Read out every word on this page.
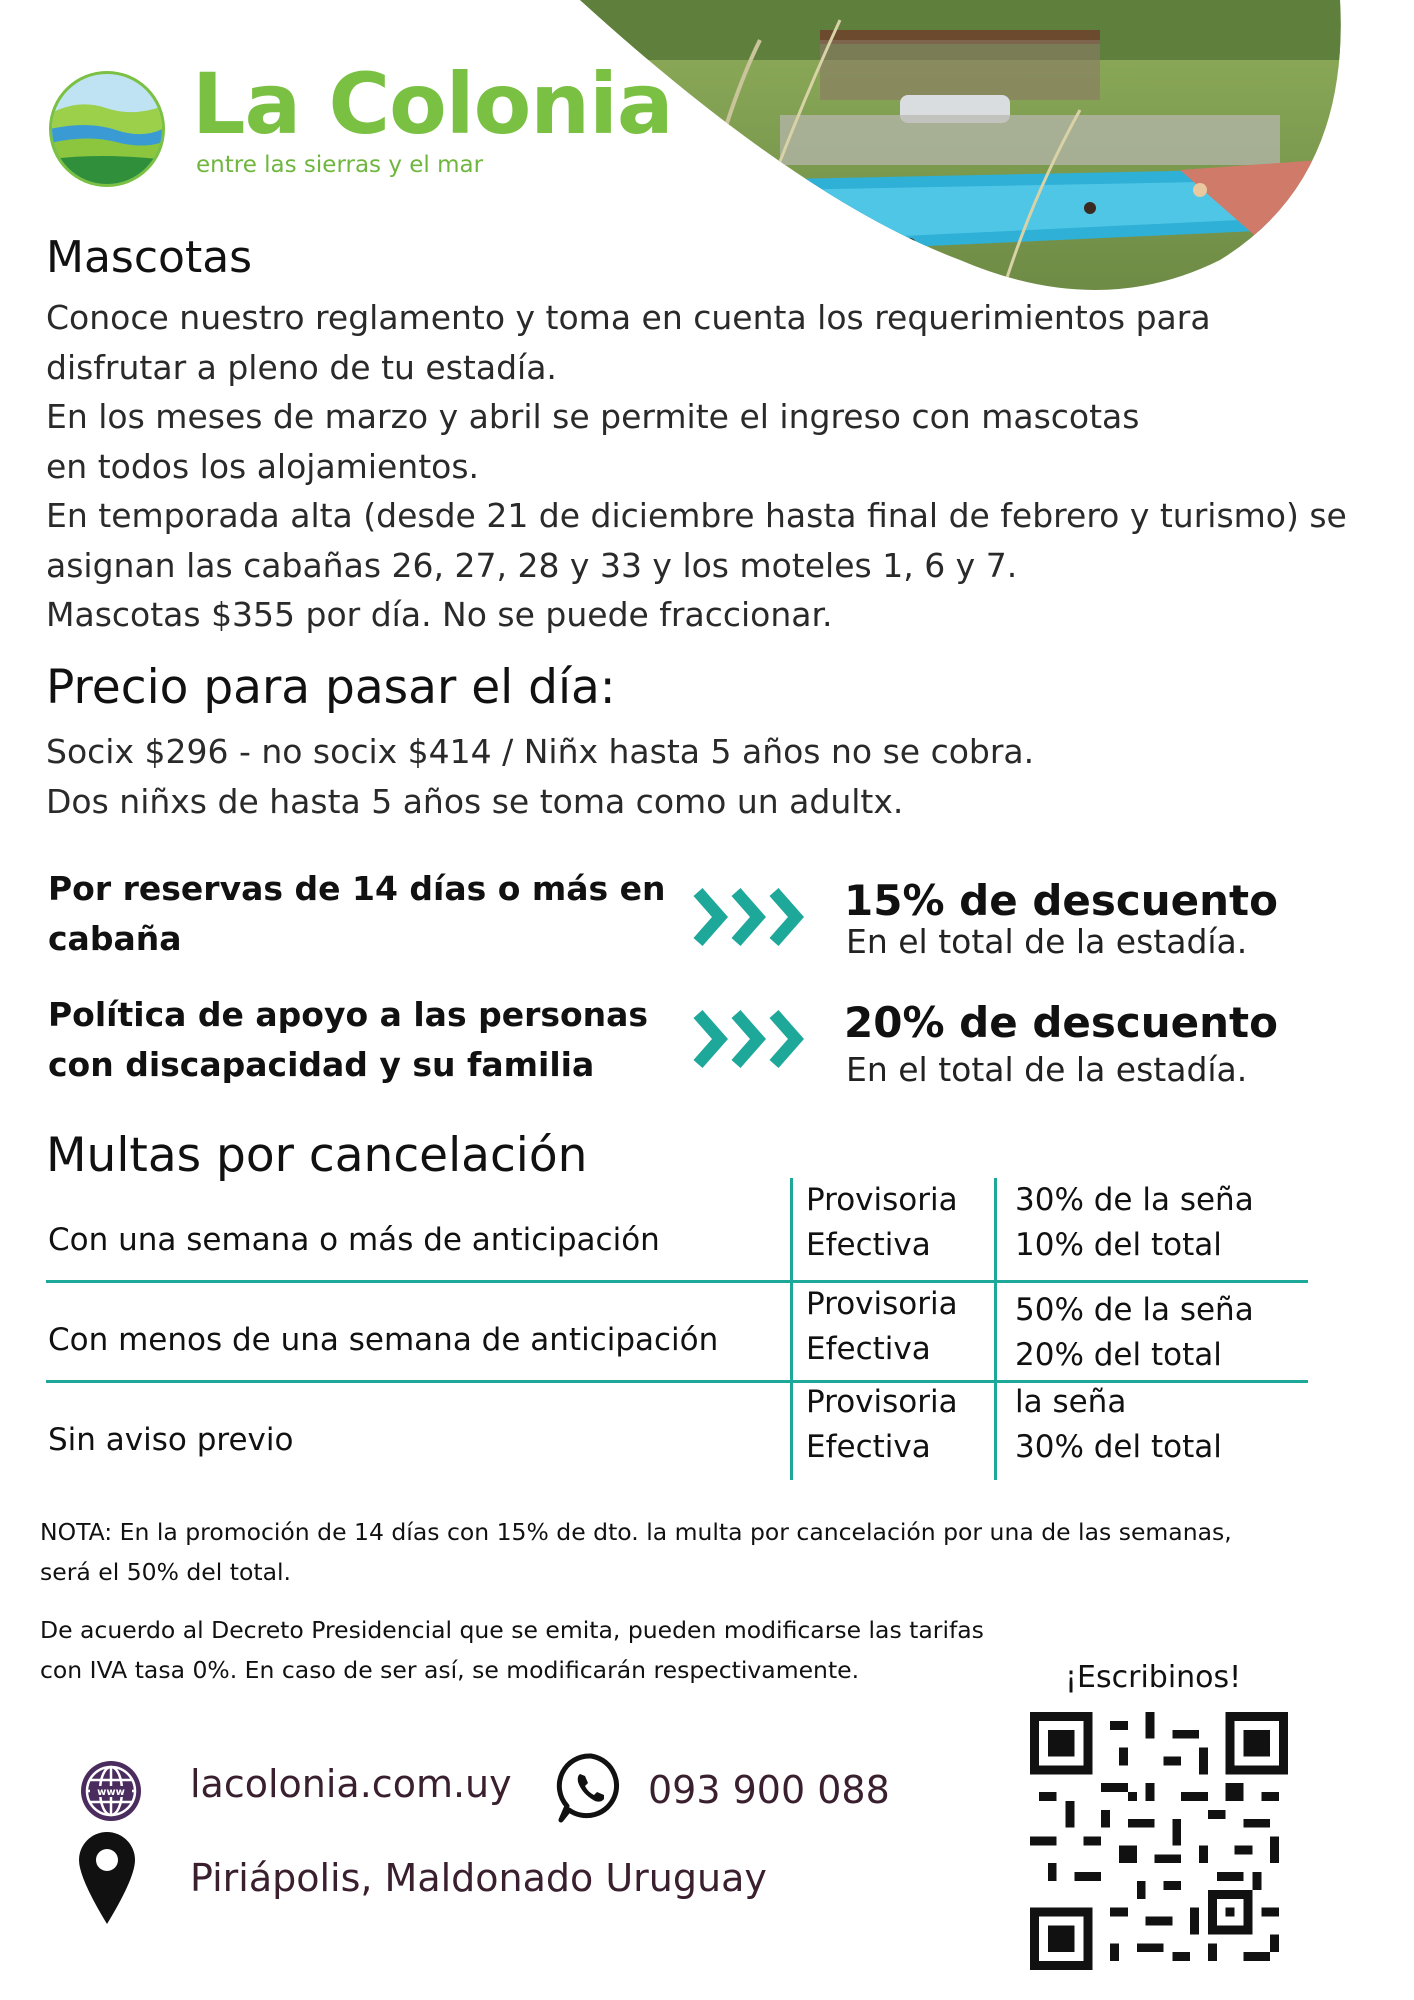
La Colonia
entre las sierras y el mar
Mascotas
Conoce nuestro reglamento y toma en cuenta los requerimientos para
disfrutar a pleno de tu estadía.
En los meses de marzo y abril se permite el ingreso con mascotas
en todos los alojamientos.
En temporada alta (desde 21 de diciembre hasta final de febrero y turismo) se
asignan las cabañas 26, 27, 28 y 33 y los moteles 1, 6 y 7.
Mascotas $355 por día. No se puede fraccionar.
Precio para pasar el día:
Socix $296 - no socix $414 / Niñx hasta 5 años no se cobra.
Dos niñxs de hasta 5 años se toma como un adultx.
Por reservas de 14 días o más en
cabaña
15% de descuento
En el total de la estadía.
Política de apoyo a las personas
con discapacidad y su familia
20% de descuento
En el total de la estadía.
Multas por cancelación
Con una semana o más de anticipación
Provisoria
Efectiva
30% de la seña
10% del total
Con menos de una semana de anticipación
Provisoria
Efectiva
50% de la seña
20% del total
Sin aviso previo
Provisoria
Efectiva
la seña
30% del total
NOTA: En la promoción de 14 días con 15% de dto. la multa por cancelación por una de las semanas,
será el 50% del total.
De acuerdo al Decreto Presidencial que se emita, pueden modificarse las tarifas
con IVA tasa 0%. En caso de ser así, se modificarán respectivamente.	¡Escribinos!
www lacolonia.com.uy	093 900 088
Piriápolis, Maldonado Uruguay
